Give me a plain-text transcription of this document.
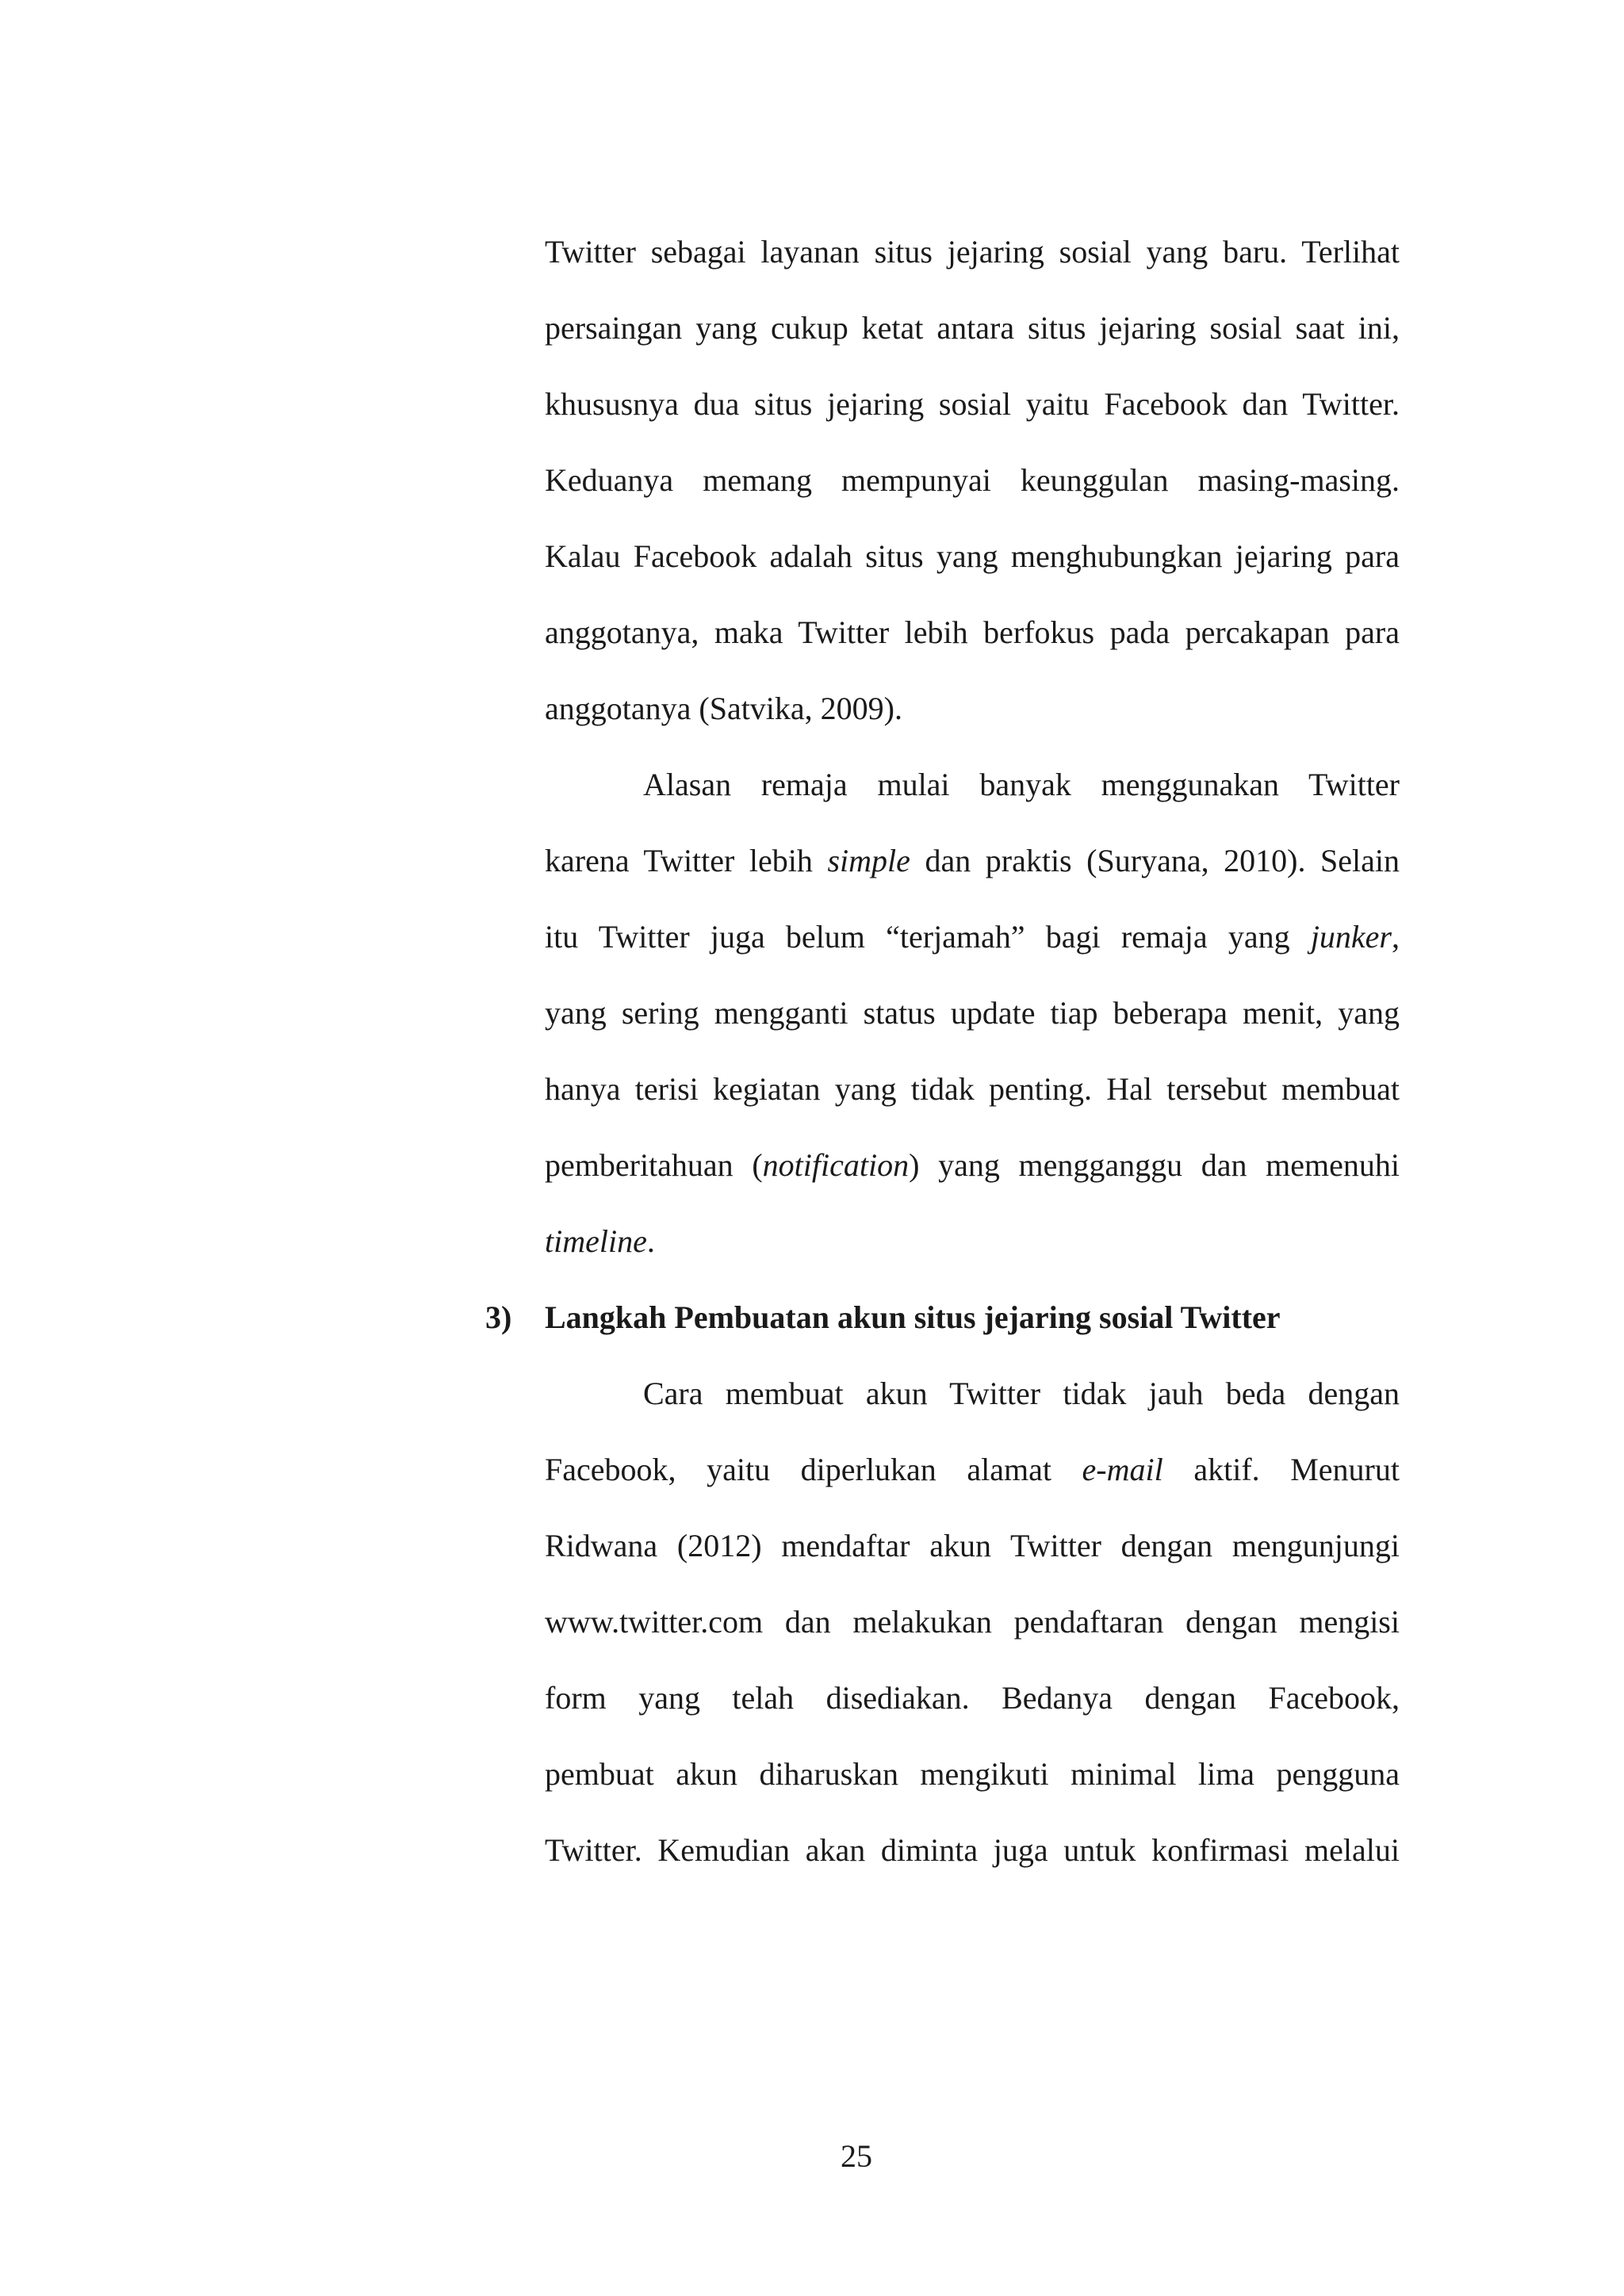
Twitter sebagai layanan situs jejaring sosial yang baru. Terlihat
persaingan yang cukup ketat antara situs jejaring sosial saat ini,
khususnya dua situs jejaring sosial yaitu Facebook dan Twitter.
Keduanya memang mempunyai keunggulan masing-masing.
Kalau Facebook adalah situs yang menghubungkan jejaring para
anggotanya, maka Twitter lebih berfokus pada percakapan para
anggotanya (Satvika, 2009).
Alasan remaja mulai banyak menggunakan Twitter
karena Twitter lebih simple dan praktis (Suryana, 2010). Selain
itu Twitter juga belum “terjamah” bagi remaja yang junker,
yang sering mengganti status update tiap beberapa menit, yang
hanya terisi kegiatan yang tidak penting. Hal tersebut membuat
pemberitahuan (notification) yang mengganggu dan memenuhi
timeline.
3) Langkah Pembuatan akun situs jejaring sosial Twitter
Cara membuat akun Twitter tidak jauh beda dengan
Facebook, yaitu diperlukan alamat e-mail aktif. Menurut
Ridwana (2012) mendaftar akun Twitter dengan mengunjungi
www.twitter.com dan melakukan pendaftaran dengan mengisi
form yang telah disediakan. Bedanya dengan Facebook,
pembuat akun diharuskan mengikuti minimal lima pengguna
Twitter. Kemudian akan diminta juga untuk konfirmasi melalui
25
